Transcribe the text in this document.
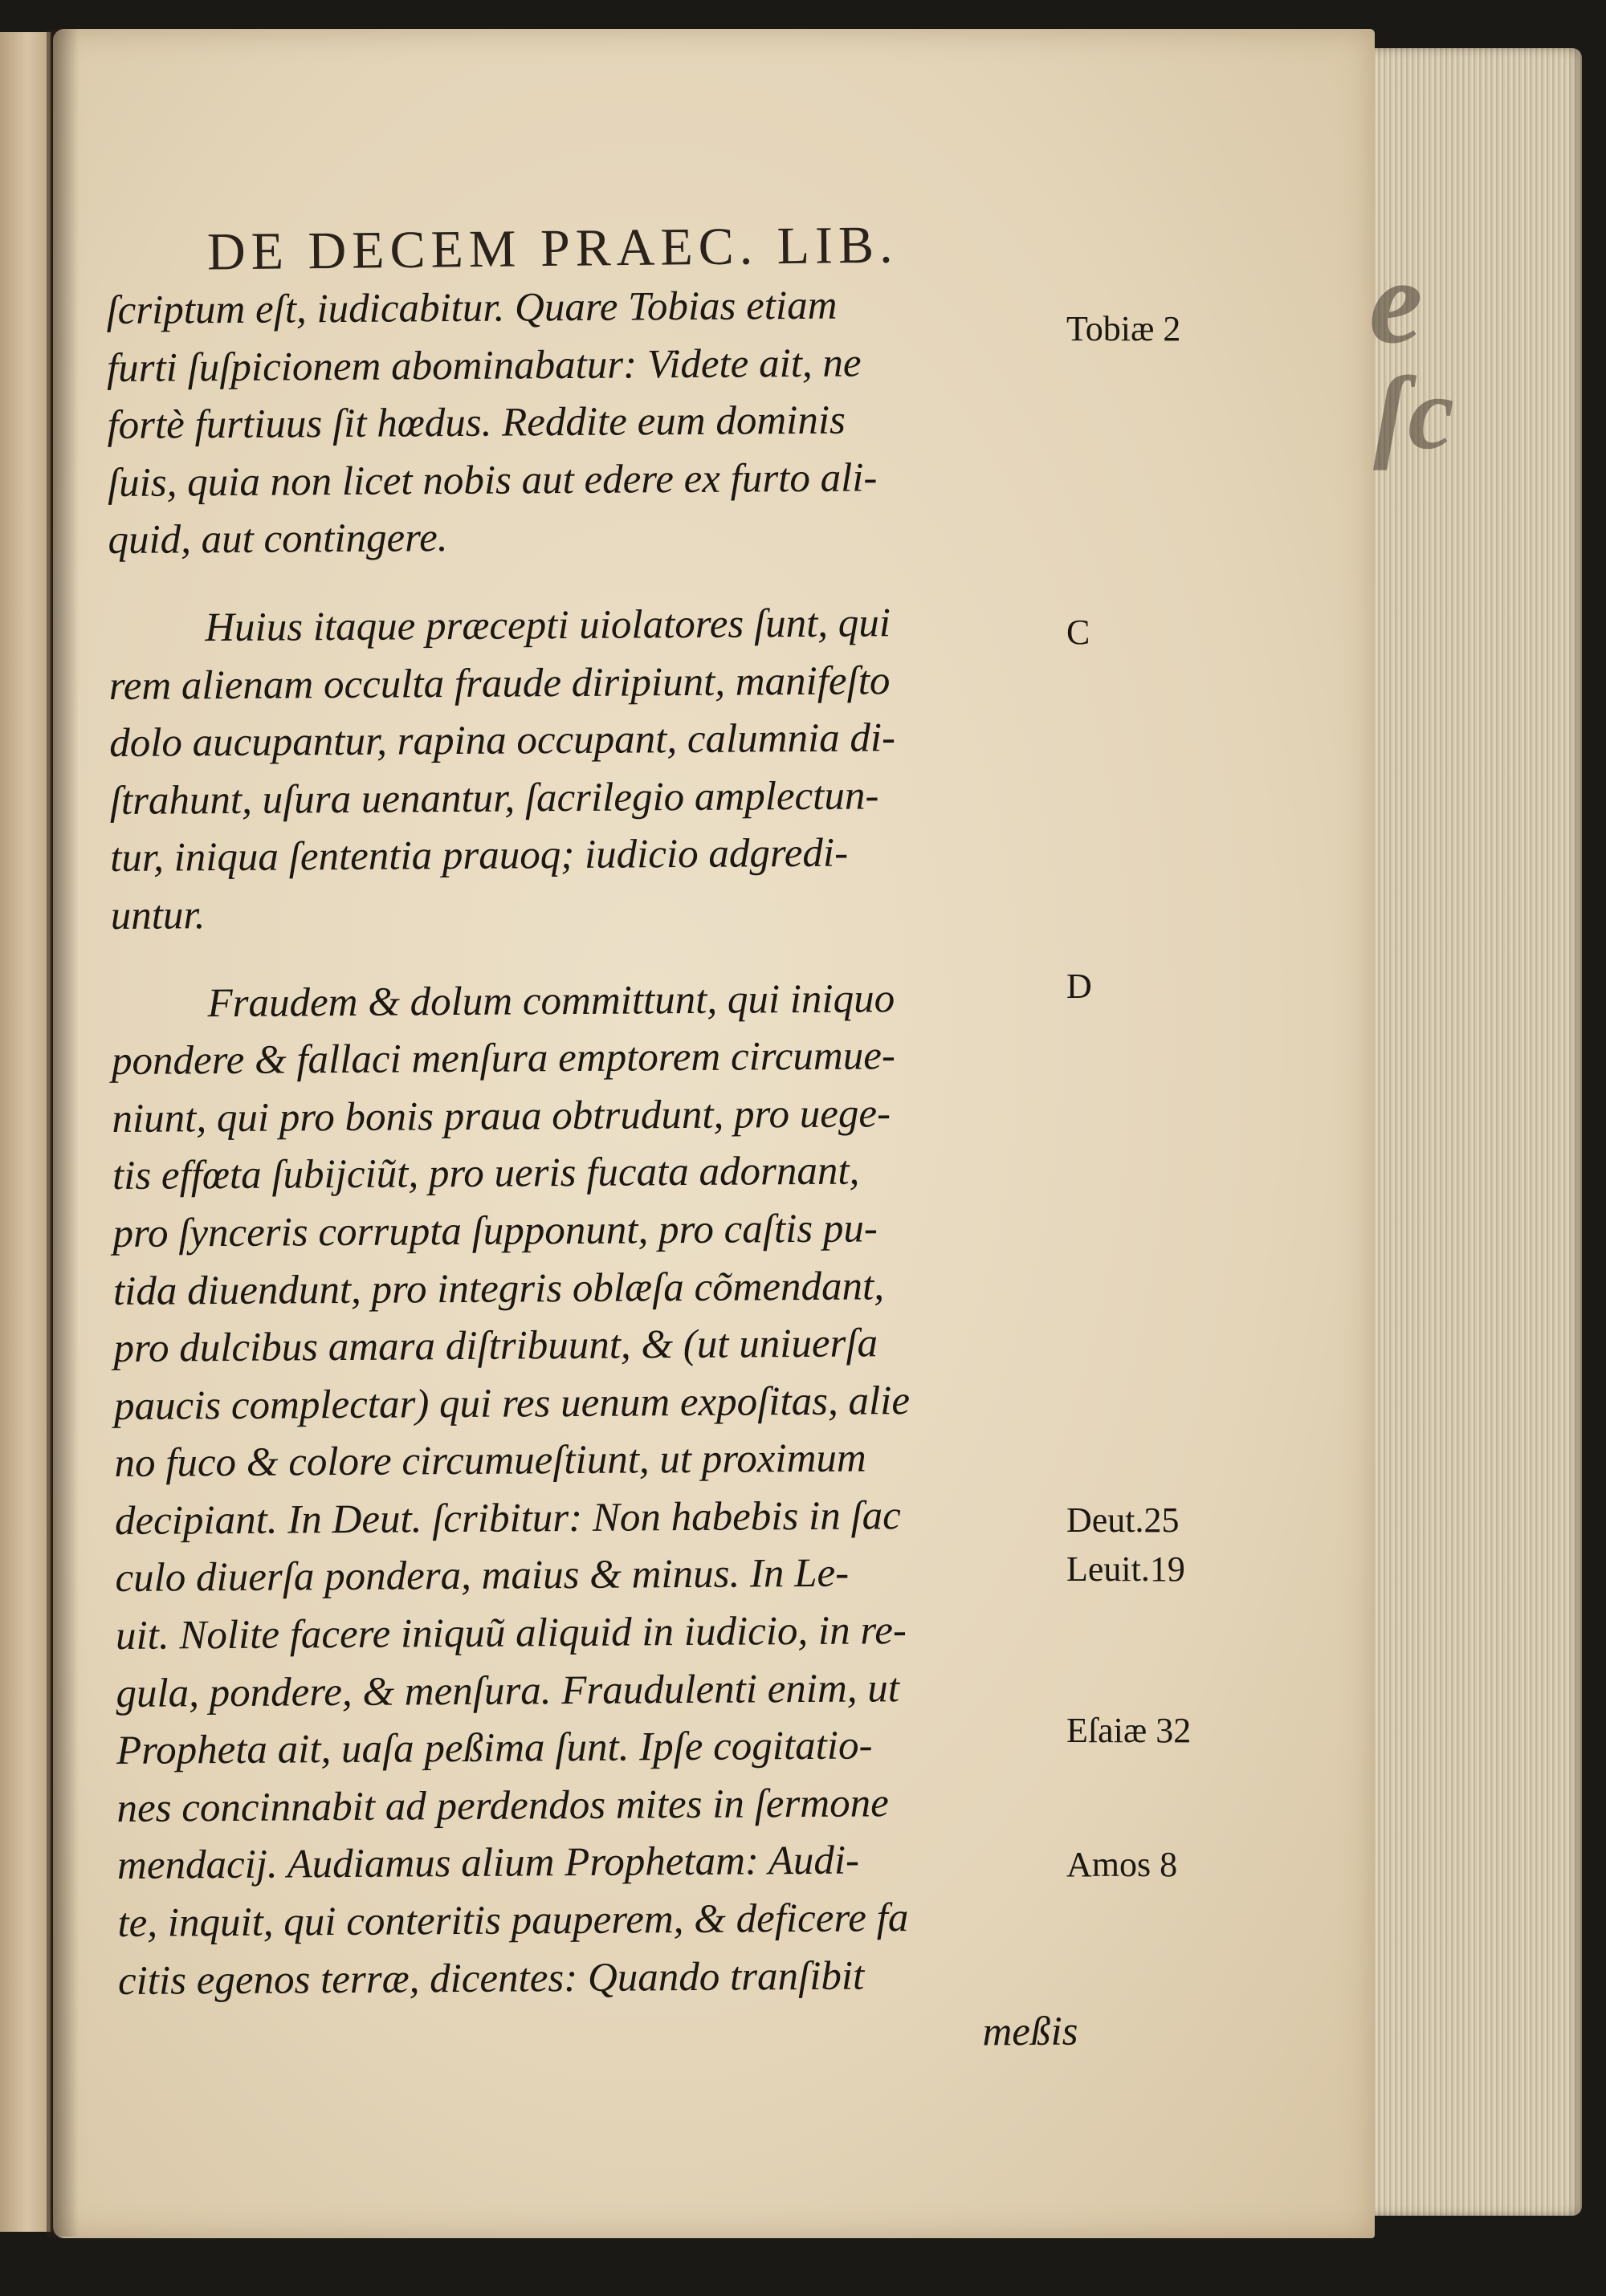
e
ſc
DE DECEM PRAEC. LIB.
ſcriptum eſt, iudicabitur. Quare Tobias etiam
furti ſuſpicionem abominabatur: Videte ait, ne
fortè furtiuus ſit hœdus. Reddite eum dominis
ſuis, quia non licet nobis aut edere ex furto ali-
quid, aut contingere.
Huius itaque præcepti uiolatores ſunt, qui
rem alienam occulta fraude diripiunt, manifeſto
dolo aucupantur, rapina occupant, calumnia di-
ſtrahunt, uſura uenantur, ſacrilegio amplectun-
tur, iniqua ſententia prauoq; iudicio adgredi-
untur.
Fraudem & dolum committunt, qui iniquo
pondere & fallaci menſura emptorem circumue-
niunt, qui pro bonis praua obtrudunt, pro uege-
tis effœta ſubijciũt, pro ueris fucata adornant,
pro ſynceris corrupta ſupponunt, pro caſtis pu-
tida diuendunt, pro integris oblæſa cõmendant,
pro dulcibus amara diſtribuunt, & (ut uniuerſa
paucis complectar) qui res uenum expoſitas, alie
no fuco & colore circumueſtiunt, ut proximum
decipiant. In Deut. ſcribitur: Non habebis in ſac
culo diuerſa pondera, maius & minus. In Le-
uit. Nolite facere iniquũ aliquid in iudicio, in re-
gula, pondere, & menſura. Fraudulenti enim, ut
Propheta ait, uaſa peßima ſunt. Ipſe cogitatio-
nes concinnabit ad perdendos mites in ſermone
mendacij. Audiamus alium Prophetam: Audi-
te, inquit, qui conteritis pauperem, & deficere fa
citis egenos terræ, dicentes: Quando tranſibit
meßis
Tobiæ 2
C
D
Deut.25
Leuit.19
Eſaiæ 32
Amos 8
